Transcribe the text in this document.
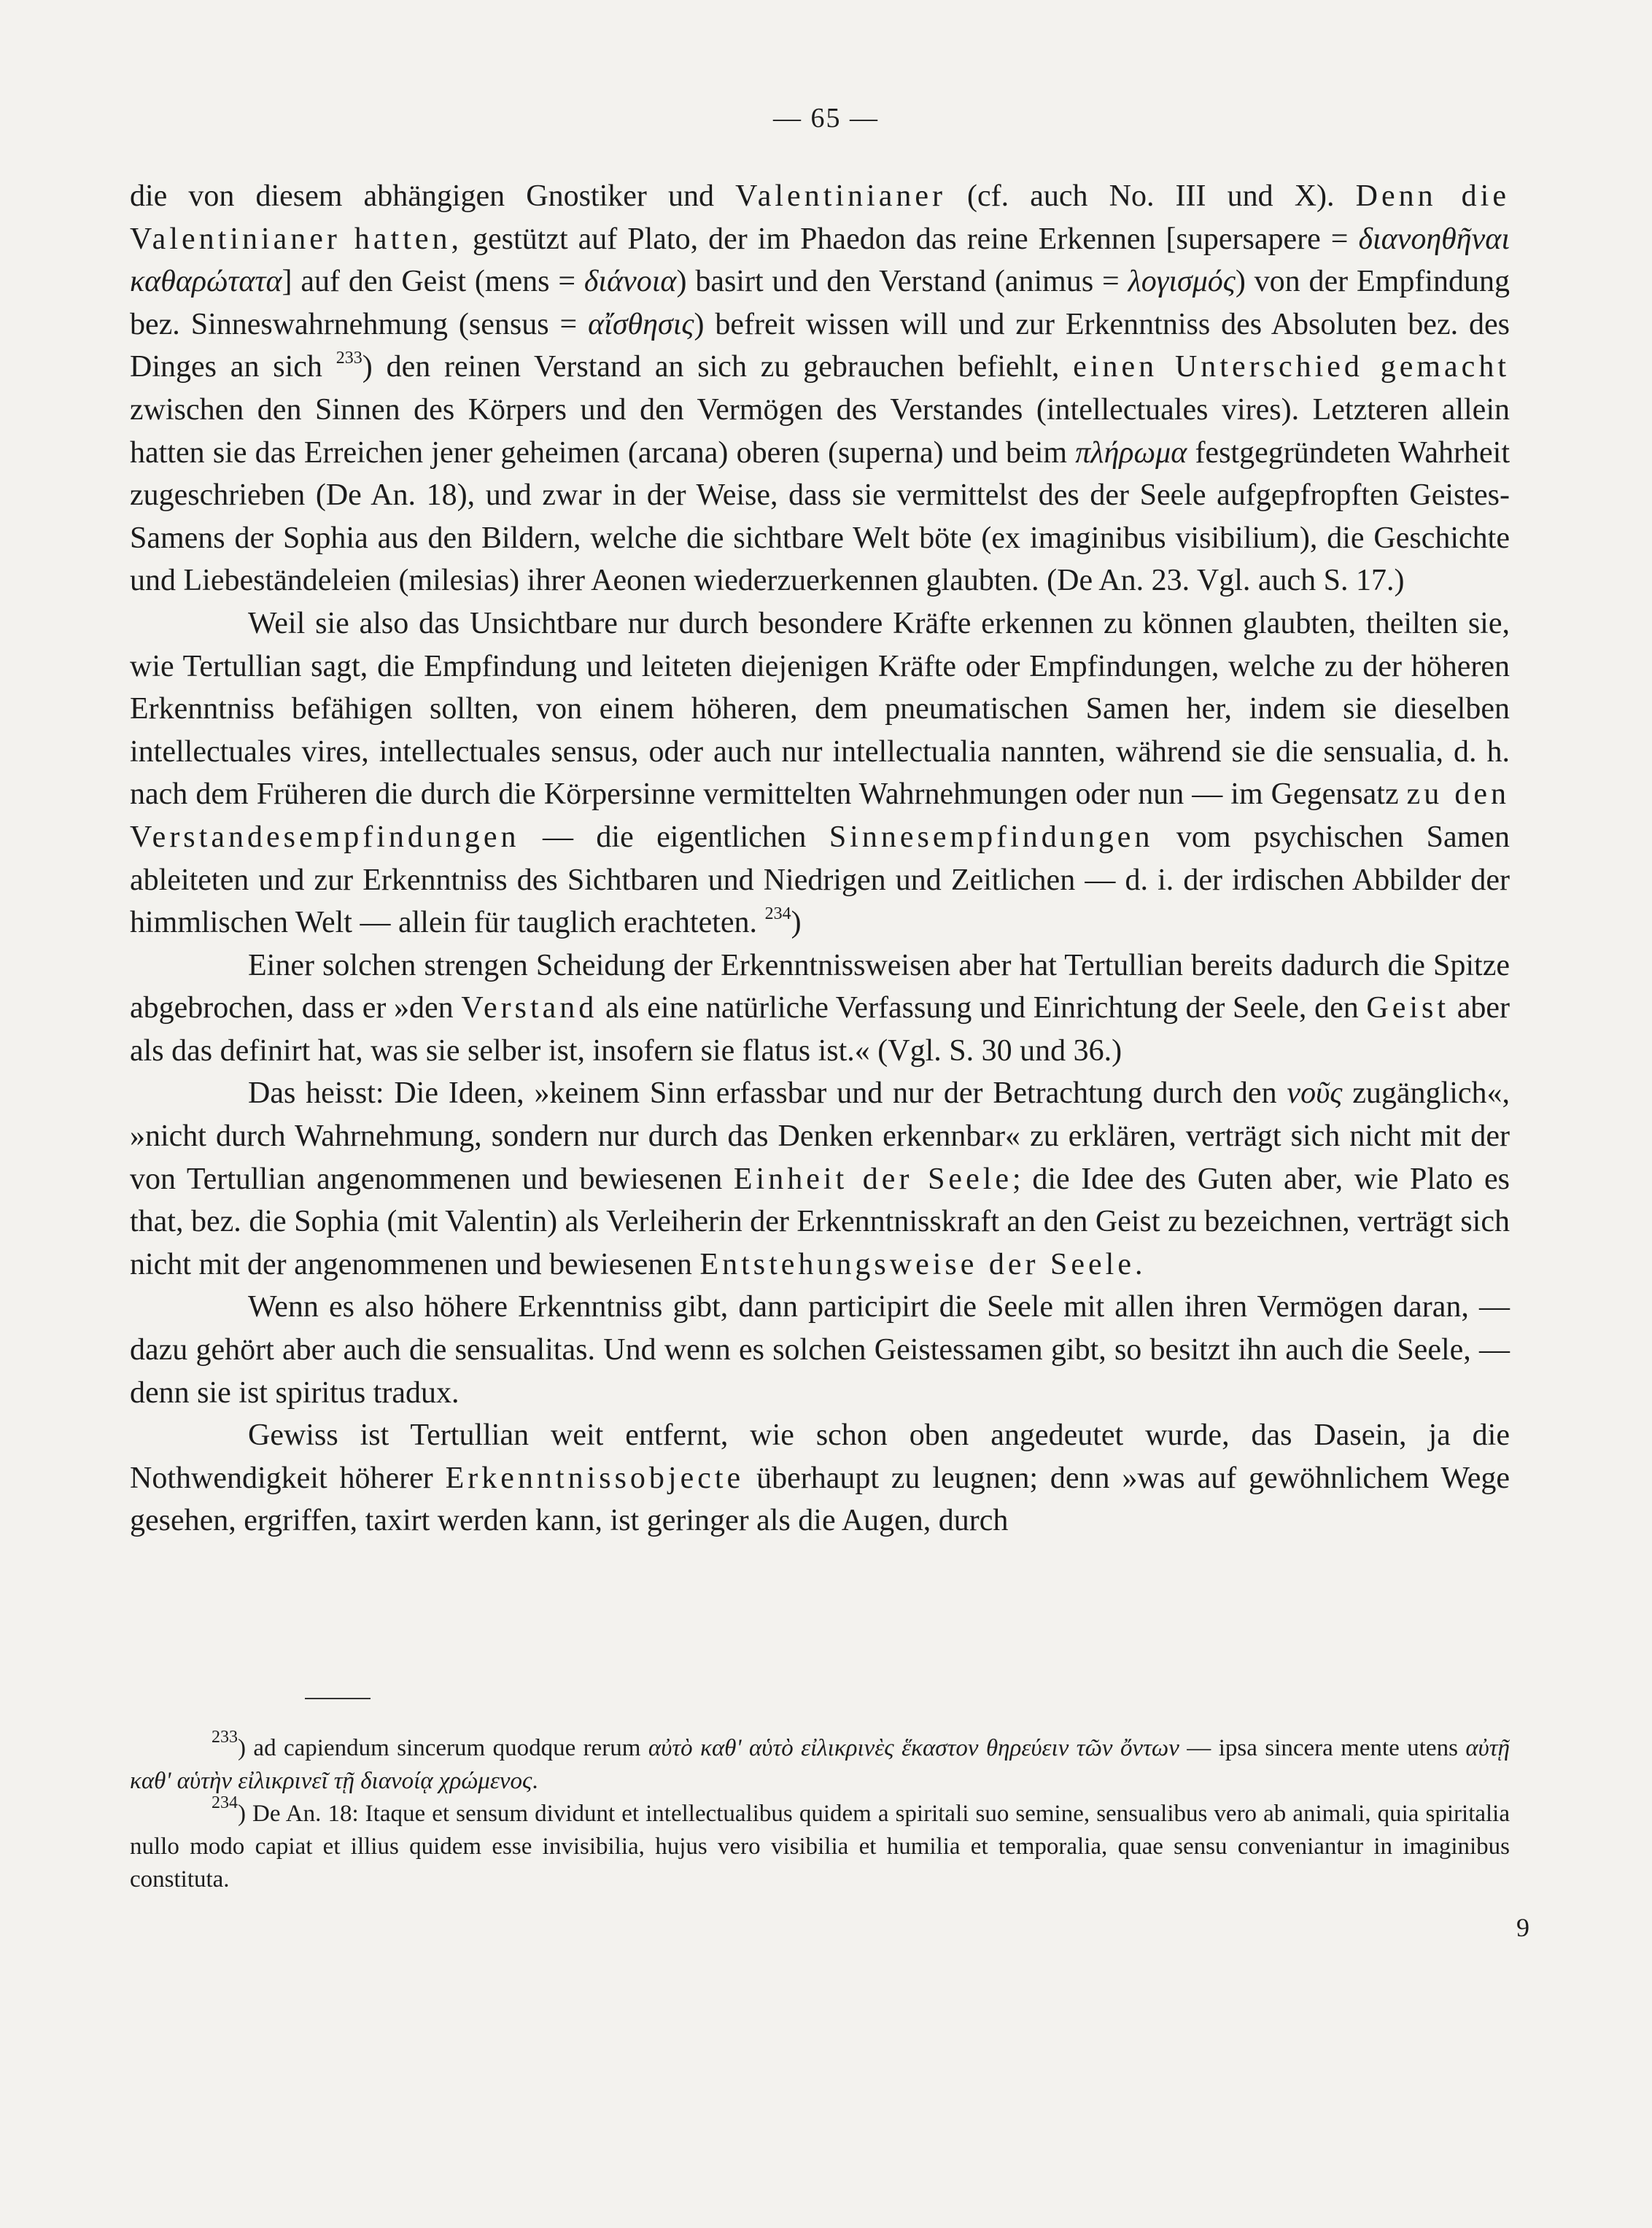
— 65 —

die von diesem abhängigen Gnostiker und Valentinianer (cf. auch No. III und X). Denn die Valentinianer hatten, gestützt auf Plato, der im Phaedon das reine Erkennen [supersapere = διανοηθῆναι καθαρώτατα] auf den Geist (mens = διάνοια) basirt und den Verstand (animus = λογισμός) von der Empfindung bez. Sinneswahrnehmung (sensus = αἴσθησις) befreit wissen will und zur Erkenntniss des Absoluten bez. des Dinges an sich $^{233}$) den reinen Verstand an sich zu gebrauchen befiehlt, einen Unterschied gemacht zwischen den Sinnen des Körpers und den Vermögen des Verstandes (intellectuales vires). Letzteren allein hatten sie das Erreichen jener geheimen (arcana) oberen (superna) und beim πλήρωμα festgegründeten Wahrheit zugeschrieben (De An. 18), und zwar in der Weise, dass sie vermittelst des der Seele aufgepfropften Geistes-Samens der Sophia aus den Bildern, welche die sichtbare Welt böte (ex imaginibus visibilium), die Geschichte und Liebeständeleien (milesias) ihrer Aeonen wiederzuerkennen glaubten. (De An. 23. Vgl. auch S. 17.)

Weil sie also das Unsichtbare nur durch besondere Kräfte erkennen zu können glaubten, theilten sie, wie Tertullian sagt, die Empfindung und leiteten diejenigen Kräfte oder Empfindungen, welche zu der höheren Erkenntniss befähigen sollten, von einem höheren, dem pneumatischen Samen her, indem sie dieselben intellectuales vires, intellectuales sensus, oder auch nur intellectualia nannten, während sie die sensualia, d. h. nach dem Früheren die durch die Körpersinne vermittelten Wahrnehmungen oder nun — im Gegensatz zu den Verstandesempfindungen — die eigentlichen Sinnesempfindungen vom psychischen Samen ableiteten und zur Erkenntniss des Sichtbaren und Niedrigen und Zeitlichen — d. i. der irdischen Abbilder der himmlischen Welt — allein für tauglich erachteten. $^{234}$)

Einer solchen strengen Scheidung der Erkenntnissweisen aber hat Tertullian bereits dadurch die Spitze abgebrochen, dass er »den Verstand als eine natürliche Verfassung und Einrichtung der Seele, den Geist aber als das definirt hat, was sie selber ist, insofern sie flatus ist.« (Vgl. S. 30 und 36.)

Das heisst: Die Ideen, »keinem Sinn erfassbar und nur der Betrachtung durch den νοῦς zugänglich«, »nicht durch Wahrnehmung, sondern nur durch das Denken erkennbar« zu erklären, verträgt sich nicht mit der von Tertullian angenommenen und bewiesenen Einheit der Seele; die Idee des Guten aber, wie Plato es that, bez. die Sophia (mit Valentin) als Verleiherin der Erkenntnisskraft an den Geist zu bezeichnen, verträgt sich nicht mit der angenommenen und bewiesenen Entstehungsweise der Seele.

Wenn es also höhere Erkenntniss gibt, dann participirt die Seele mit allen ihren Vermögen daran, — dazu gehört aber auch die sensualitas. Und wenn es solchen Geistessamen gibt, so besitzt ihn auch die Seele, — denn sie ist spiritus tradux.

Gewiss ist Tertullian weit entfernt, wie schon oben angedeutet wurde, das Dasein, ja die Nothwendigkeit höherer Erkenntnissobjecte überhaupt zu leugnen; denn »was auf gewöhnlichem Wege gesehen, ergriffen, taxirt werden kann, ist geringer als die Augen, durch

$^{233}$) ad capiendum sincerum quodque rerum αὐτὸ καθ' αὑτὸ εἰλικρινὲς ἕκαστον θηρεύειν τῶν ὄντων — ipsa sincera mente utens αὐτῇ καθ' αὑτὴν εἰλικρινεῖ τῇ διανοίᾳ χρώμενος.

$^{234}$) De An. 18: Itaque et sensum dividunt et intellectualibus quidem a spiritali suo semine, sensualibus vero ab animali, quia spiritalia nullo modo capiat et illius quidem esse invisibilia, hujus vero visibilia et humilia et temporalia, quae sensu conveniantur in imaginibus constituta.

9
